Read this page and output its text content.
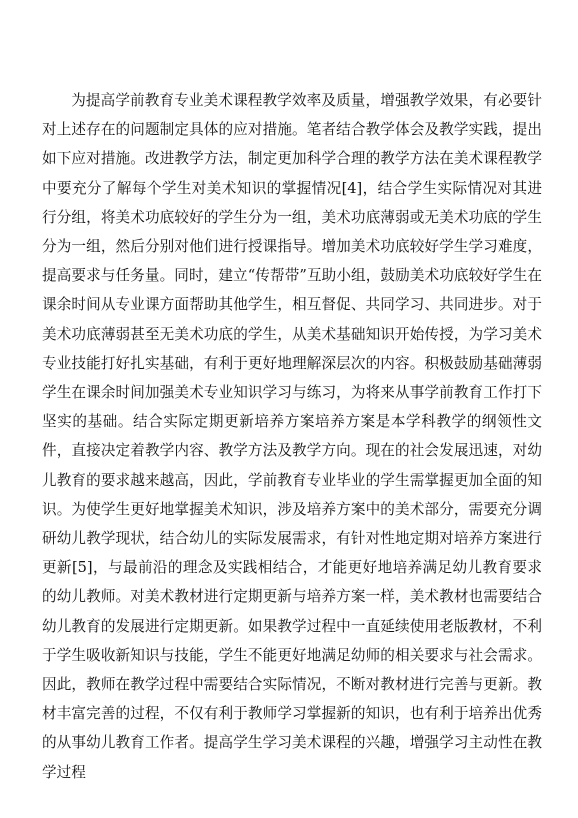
为提高学前教育专业美术课程教学效率及质量，增强教学效果，有必要针对上述存在的问题制定具体的应对措施。笔者结合教学体会及教学实践，提出如下应对措施。改进教学方法，制定更加科学合理的教学方法在美术课程教学中要充分了解每个学生对美术知识的掌握情况[4]，结合学生实际情况对其进行分组，将美术功底较好的学生分为一组，美术功底薄弱或无美术功底的学生分为一组，然后分别对他们进行授课指导。增加美术功底较好学生学习难度，提高要求与任务量。同时，建立“传帮带”互助小组，鼓励美术功底较好学生在课余时间从专业课方面帮助其他学生，相互督促、共同学习、共同进步。对于美术功底薄弱甚至无美术功底的学生，从美术基础知识开始传授，为学习美术专业技能打好扎实基础，有利于更好地理解深层次的内容。积极鼓励基础薄弱学生在课余时间加强美术专业知识学习与练习，为将来从事学前教育工作打下坚实的基础。结合实际定期更新培养方案培养方案是本学科教学的纲领性文件，直接决定着教学内容、教学方法及教学方向。现在的社会发展迅速，对幼儿教育的要求越来越高，因此，学前教育专业毕业的学生需掌握更加全面的知识。为使学生更好地掌握美术知识，涉及培养方案中的美术部分，需要充分调研幼儿教学现状，结合幼儿的实际发展需求，有针对性地定期对培养方案进行更新[5]，与最前沿的理念及实践相结合，才能更好地培养满足幼儿教育要求的幼儿教师。对美术教材进行定期更新与培养方案一样，美术教材也需要结合幼儿教育的发展进行定期更新。如果教学过程中一直延续使用老版教材，不利于学生吸收新知识与技能，学生不能更好地满足幼师的相关要求与社会需求。因此，教师在教学过程中需要结合实际情况，不断对教材进行完善与更新。教材丰富完善的过程，不仅有利于教师学习掌握新的知识，也有利于培养出优秀的从事幼儿教育工作者。提高学生学习美术课程的兴趣，增强学习主动性在教学过程
